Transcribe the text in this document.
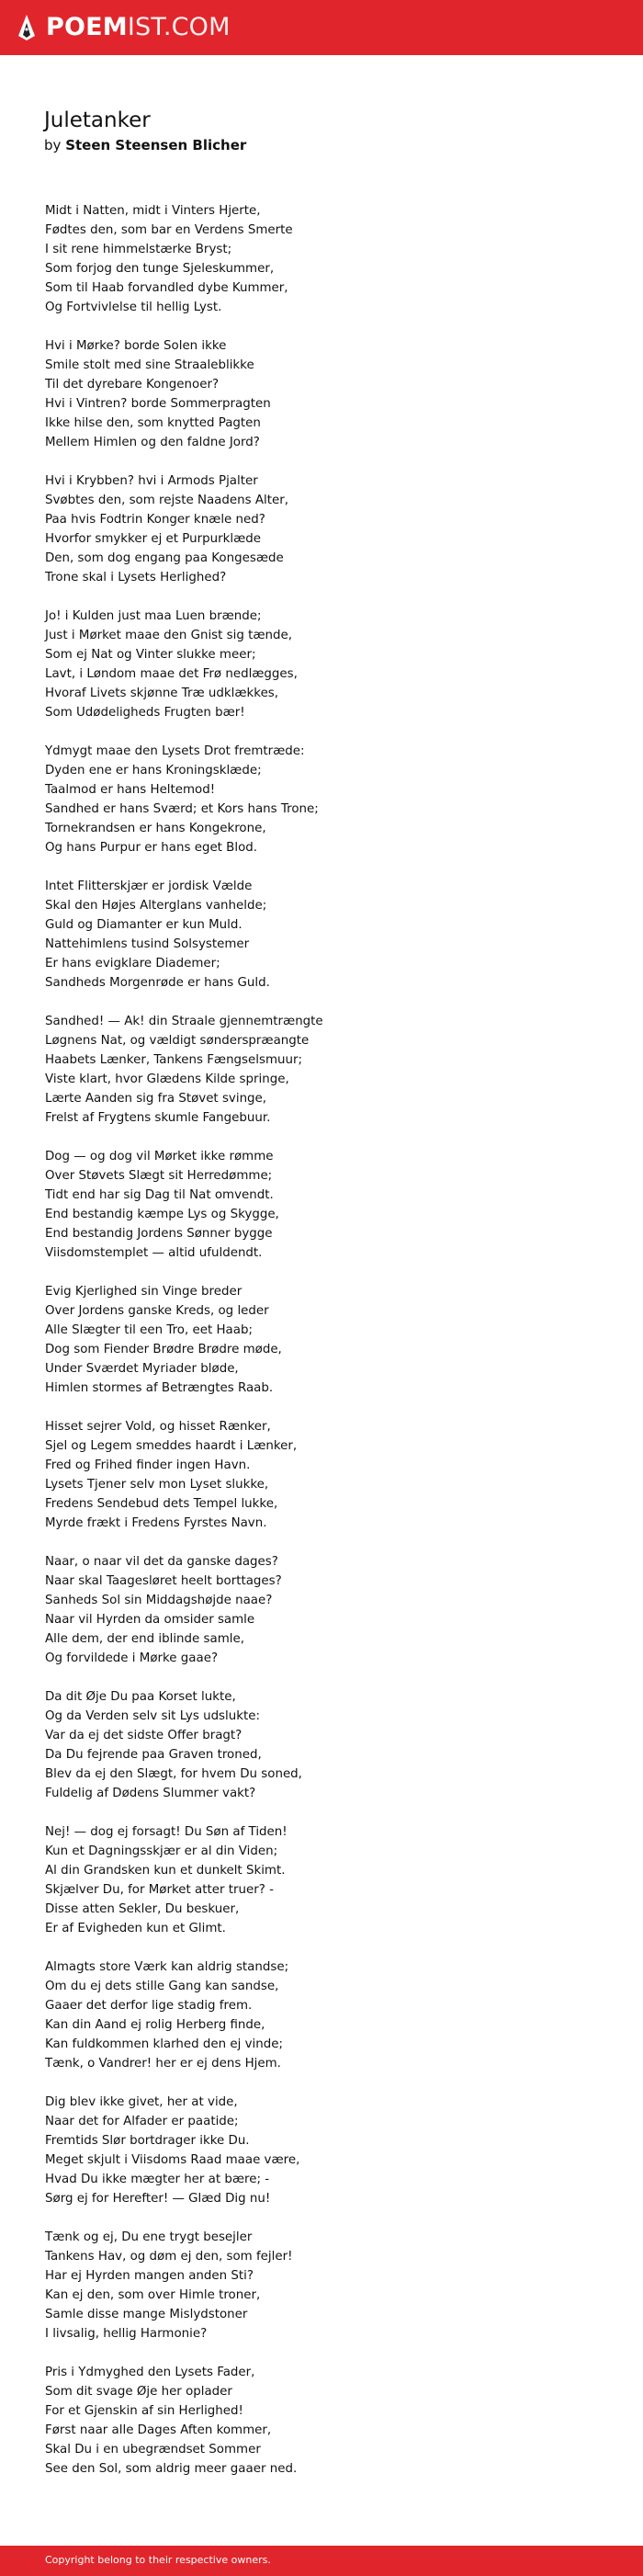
POEMIST.COM
Juletanker
by Steen Steensen Blicher
Midt i Natten, midt i Vinters Hjerte,
Fødtes den, som bar en Verdens Smerte
I sit rene himmelstærke Bryst;
Som forjog den tunge Sjeleskummer,
Som til Haab forvandled dybe Kummer,
Og Fortvivlelse til hellig Lyst.
Hvi i Mørke? borde Solen ikke
Smile stolt med sine Straaleblikke
Til det dyrebare Kongenoer?
Hvi i Vintren? borde Sommerpragten
Ikke hilse den, som knytted Pagten
Mellem Himlen og den faldne Jord?
Hvi i Krybben? hvi i Armods Pjalter
Svøbtes den, som rejste Naadens Alter,
Paa hvis Fodtrin Konger knæle ned?
Hvorfor smykker ej et Purpurklæde
Den, som dog engang paa Kongesæde
Trone skal i Lysets Herlighed?
Jo! i Kulden just maa Luen brænde;
Just i Mørket maae den Gnist sig tænde,
Som ej Nat og Vinter slukke meer;
Lavt, i Løndom maae det Frø nedlægges,
Hvoraf Livets skjønne Træ udklækkes,
Som Udødeligheds Frugten bær!
Ydmygt maae den Lysets Drot fremtræde:
Dyden ene er hans Kroningsklæde;
Taalmod er hans Heltemod!
Sandhed er hans Sværd; et Kors hans Trone;
Tornekrandsen er hans Kongekrone,
Og hans Purpur er hans eget Blod.
Intet Flitterskjær er jordisk Vælde
Skal den Højes Alterglans vanhelde;
Guld og Diamanter er kun Muld.
Nattehimlens tusind Solsystemer
Er hans evigklare Diademer;
Sandheds Morgenrøde er hans Guld.
Sandhed! — Ak! din Straale gjennemtrængte
Løgnens Nat, og vældigt sønderspræangte
Haabets Lænker, Tankens Fængselsmuur;
Viste klart, hvor Glædens Kilde springe,
Lærte Aanden sig fra Støvet svinge,
Frelst af Frygtens skumle Fangebuur.
Dog — og dog vil Mørket ikke rømme
Over Støvets Slægt sit Herredømme;
Tidt end har sig Dag til Nat omvendt.
End bestandig kæmpe Lys og Skygge,
End bestandig Jordens Sønner bygge
Viisdomstemplet — altid ufuldendt.
Evig Kjerlighed sin Vinge breder
Over Jordens ganske Kreds, og leder
Alle Slægter til een Tro, eet Haab;
Dog som Fiender Brødre Brødre møde,
Under Sværdet Myriader bløde,
Himlen stormes af Betrængtes Raab.
Hisset sejrer Vold, og hisset Rænker,
Sjel og Legem smeddes haardt i Lænker,
Fred og Frihed finder ingen Havn.
Lysets Tjener selv mon Lyset slukke,
Fredens Sendebud dets Tempel lukke,
Myrde frækt i Fredens Fyrstes Navn.
Naar, o naar vil det da ganske dages?
Naar skal Taagesløret heelt borttages?
Sanheds Sol sin Middagshøjde naae?
Naar vil Hyrden da omsider samle
Alle dem, der end iblinde samle,
Og forvildede i Mørke gaae?
Da dit Øje Du paa Korset lukte,
Og da Verden selv sit Lys udslukte:
Var da ej det sidste Offer bragt?
Da Du fejrende paa Graven troned,
Blev da ej den Slægt, for hvem Du soned,
Fuldelig af Dødens Slummer vakt?
Nej! — dog ej forsagt! Du Søn af Tiden!
Kun et Dagningsskjær er al din Viden;
Al din Grandsken kun et dunkelt Skimt.
Skjælver Du, for Mørket atter truer? -
Disse atten Sekler, Du beskuer,
Er af Evigheden kun et Glimt.
Almagts store Værk kan aldrig standse;
Om du ej dets stille Gang kan sandse,
Gaaer det derfor lige stadig frem.
Kan din Aand ej rolig Herberg finde,
Kan fuldkommen klarhed den ej vinde;
Tænk, o Vandrer! her er ej dens Hjem.
Dig blev ikke givet, her at vide,
Naar det for Alfader er paatide;
Fremtids Slør bortdrager ikke Du.
Meget skjult i Viisdoms Raad maae være,
Hvad Du ikke mægter her at bære; -
Sørg ej for Herefter! — Glæd Dig nu!
Tænk og ej, Du ene trygt besejler
Tankens Hav, og døm ej den, som fejler!
Har ej Hyrden mangen anden Sti?
Kan ej den, som over Himle troner,
Samle disse mange Mislydstoner
I livsalig, hellig Harmonie?
Pris i Ydmyghed den Lysets Fader,
Som dit svage Øje her oplader
For et Gjenskin af sin Herlighed!
Først naar alle Dages Aften kommer,
Skal Du i en ubegrændset Sommer
See den Sol, som aldrig meer gaaer ned.
Copyright belong to their respective owners.
